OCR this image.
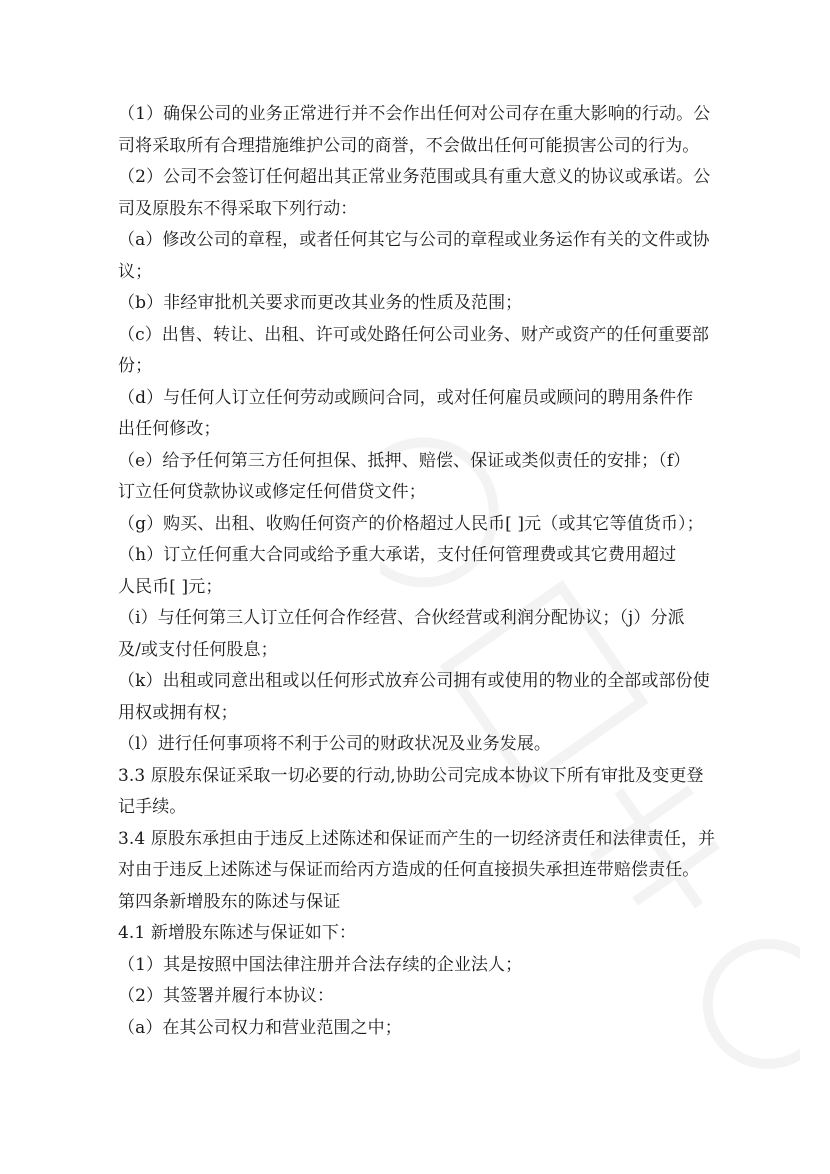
（1）确保公司的业务正常进行并不会作出任何对公司存在重大影响的行动。公
司将采取所有合理措施维护公司的商誉，不会做出任何可能损害公司的行为。
（2）公司不会签订任何超出其正常业务范围或具有重大意义的协议或承诺。公
司及原股东不得采取下列行动：
（a）修改公司的章程，或者任何其它与公司的章程或业务运作有关的文件或协
议；
（b）非经审批机关要求而更改其业务的性质及范围；
（c）出售、转让、出租、许可或处路任何公司业务、财产或资产的任何重要部
份；
（d）与任何人订立任何劳动或顾问合同，或对任何雇员或顾问的聘用条件作
出任何修改；
（e）给予任何第三方任何担保、抵押、赔偿、保证或类似责任的安排；（f）
订立任何贷款协议或修定任何借贷文件；
（g）购买、出租、收购任何资产的价格超过人民币[ ]元（或其它等值货币）；
（h）订立任何重大合同或给予重大承诺，支付任何管理费或其它费用超过
人民币[ ]元；
（i）与任何第三人订立任何合作经营、合伙经营或利润分配协议；（j）分派
及/或支付任何股息；
（k）出租或同意出租或以任何形式放弃公司拥有或使用的物业的全部或部份使
用权或拥有权；
（l）进行任何事项将不利于公司的财政状况及业务发展。
3.3 原股东保证采取一切必要的行动,协助公司完成本协议下所有审批及变更登
记手续。
3.4 原股东承担由于违反上述陈述和保证而产生的一切经济责任和法律责任，并
对由于违反上述陈述与保证而给丙方造成的任何直接损失承担连带赔偿责任。
第四条新增股东的陈述与保证
4.1 新增股东陈述与保证如下：
（1）其是按照中国法律注册并合法存续的企业法人；
（2）其签署并履行本协议：
（a）在其公司权力和营业范围之中；
